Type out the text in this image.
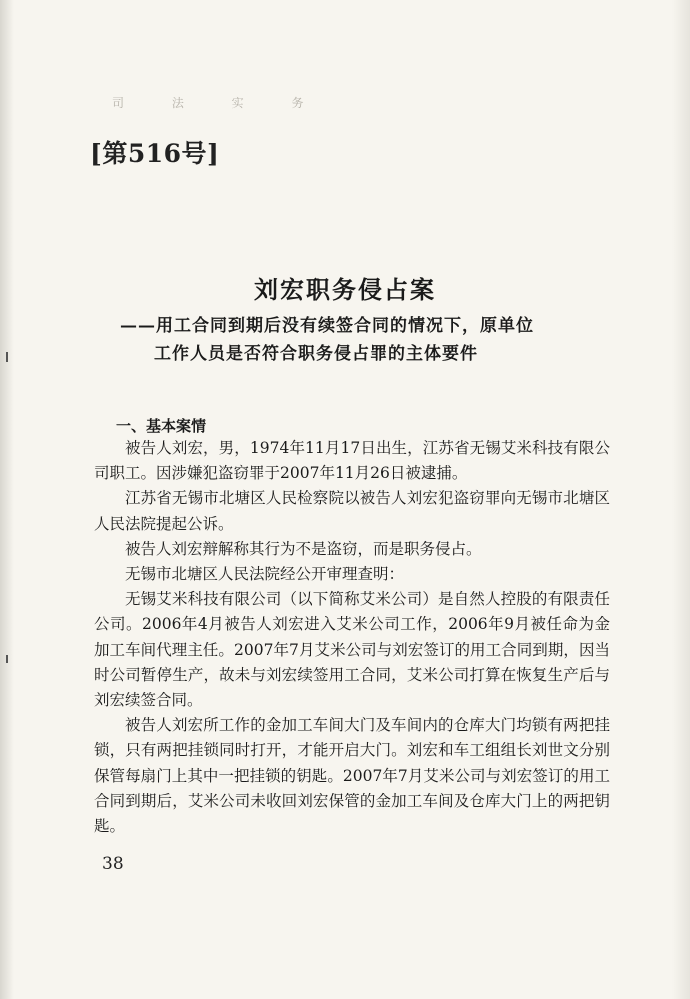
司 法 实 务
[第516号]
刘宏职务侵占案
——用工合同到期后没有续签合同的情况下，原单位
工作人员是否符合职务侵占罪的主体要件
一、基本案情

被告人刘宏，男，1974年11月17日出生，江苏省无锡艾米科技有限公司职工。因涉嫌犯盗窃罪于2007年11月26日被逮捕。

江苏省无锡市北塘区人民检察院以被告人刘宏犯盗窃罪向无锡市北塘区人民法院提起公诉。

被告人刘宏辩解称其行为不是盗窃，而是职务侵占。

无锡市北塘区人民法院经公开审理查明：

无锡艾米科技有限公司（以下简称艾米公司）是自然人控股的有限责任公司。2006年4月被告人刘宏进入艾米公司工作，2006年9月被任命为金加工车间代理主任。2007年7月艾米公司与刘宏签订的用工合同到期，因当时公司暂停生产，故未与刘宏续签用工合同，艾米公司打算在恢复生产后与刘宏续签合同。

被告人刘宏所工作的金加工车间大门及车间内的仓库大门均锁有两把挂锁，只有两把挂锁同时打开，才能开启大门。刘宏和车工组组长刘世文分别保管每扇门上其中一把挂锁的钥匙。2007年7月艾米公司与刘宏签订的用工合同到期后，艾米公司未收回刘宏保管的金加工车间及仓库大门上的两把钥匙。

38
